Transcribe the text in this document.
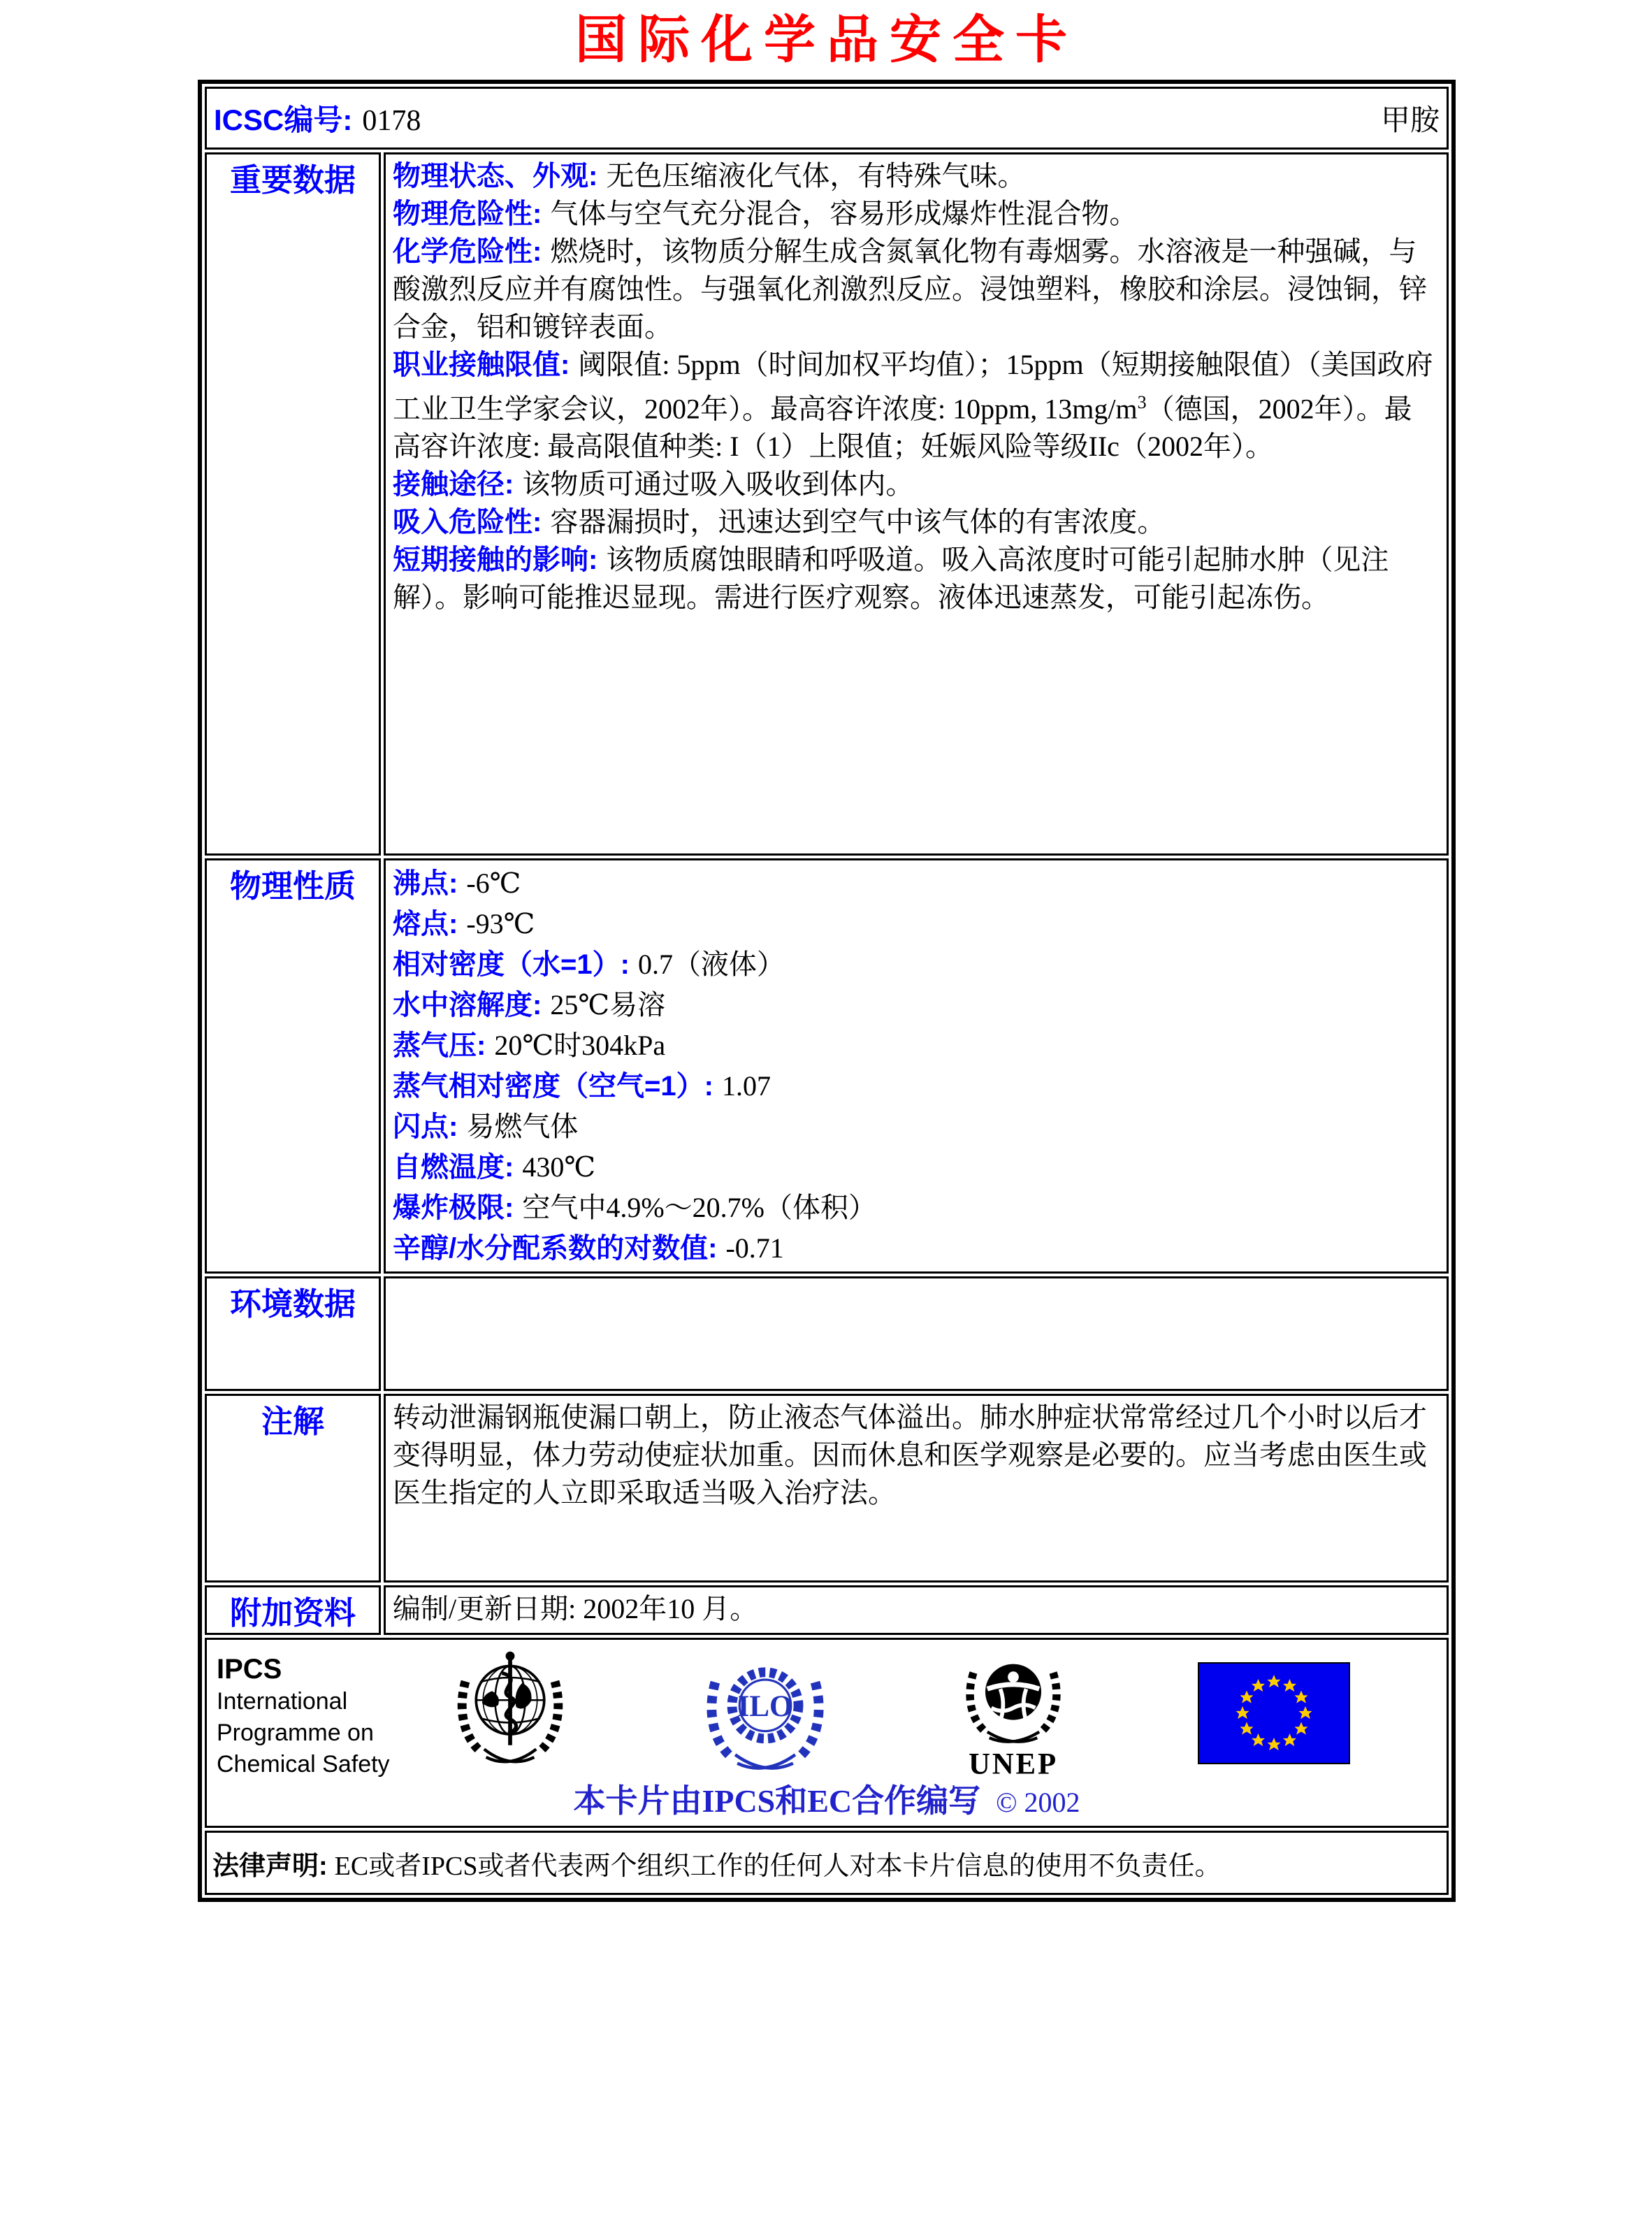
国际化学品安全卡
ICSC编号: 0178 甲胺	

重要数据	物理状态、外观: 无色压缩液化气体，有特殊气味。
物理危险性: 气体与空气充分混合，容易形成爆炸性混合物。
化学危险性: 燃烧时，该物质分解生成含氮氧化物有毒烟雾。水溶液是一种强碱，与酸激烈反应并有腐蚀性。与强氧化剂激烈反应。浸蚀塑料，橡胶和涂层。浸蚀铜，锌合金，铝和镀锌表面。
职业接触限值: 阈限值: 5ppm（时间加权平均值）；15ppm（短期接触限值）（美国政府工业卫生学家会议，2002年）。最高容许浓度: 10ppm, $13mg/m^3$（德国，2002年）。最高容许浓度: 最高限值种类: I（1）上限值；妊娠风险等级IIc（2002年）。
接触途径: 该物质可通过吸入吸收到体内。
吸入危险性: 容器漏损时，迅速达到空气中该气体的有害浓度。
短期接触的影响: 该物质腐蚀眼睛和呼吸道。吸入高浓度时可能引起肺水肿（见注解）。影响可能推迟显现。需进行医疗观察。液体迅速蒸发，可能引起冻伤。

物理性质	沸点: -6℃
熔点: -93℃
相对密度（水=1）: 0.7（液体）
水中溶解度: 25℃易溶
蒸气压: 20℃时304kPa
蒸气相对密度（空气=1）: 1.07
闪点: 易燃气体
自燃温度: 430℃
爆炸极限: 空气中4.9%～20.7%（体积）
辛醇/水分配系数的对数值: -0.71

环境数据	

注解	转动泄漏钢瓶使漏口朝上，防止液态气体溢出。肺水肿症状常常经过几个小时以后才变得明显，体力劳动使症状加重。因而休息和医学观察是必要的。应当考虑由医生或医生指定的人立即采取适当吸入治疗法。

附加资料	编制/更新日期: 2002年10 月。

IPCS
International
Programme on
Chemical Safety
ILO
UNEP
本卡片由IPCS和EC合作编写 © 2002

法律声明: EC或者IPCS或者代表两个组织工作的任何人对本卡片信息的使用不负责任。	
